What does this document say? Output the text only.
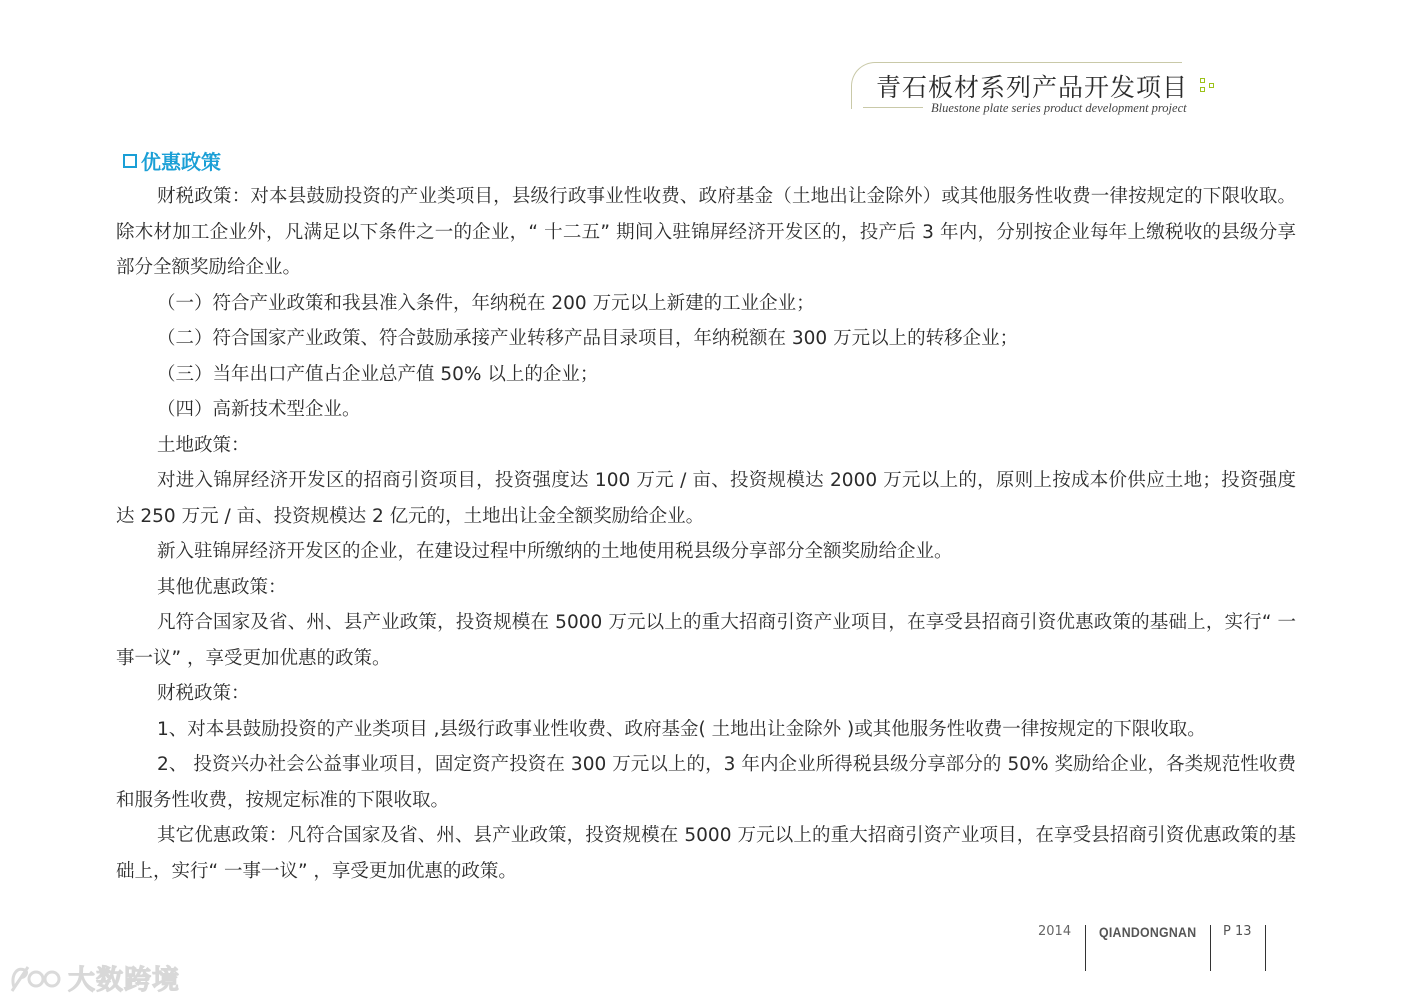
青石板材系列产品开发项目
Bluestone plate series product development project
优惠政策

财税政策：对本县鼓励投资的产业类项目，县级行政事业性收费、政府基金（土地出让金除外）或其他服务性收费一律按规定的下限收取。除木材加工企业外，凡满足以下条件之一的企业，“ 十二五” 期间入驻锦屏经济开发区的，投产后 3 年内，分别按企业每年上缴税收的县级分享部分全额奖励给企业。

（一）符合产业政策和我县准入条件，年纳税在 200 万元以上新建的工业企业；

（二）符合国家产业政策、符合鼓励承接产业转移产品目录项目，年纳税额在 300 万元以上的转移企业；

（三）当年出口产值占企业总产值 50% 以上的企业；

（四）高新技术型企业。

土地政策：

对进入锦屏经济开发区的招商引资项目，投资强度达 100 万元 / 亩、投资规模达 2000 万元以上的，原则上按成本价供应土地；投资强度达 250 万元 / 亩、投资规模达 2 亿元的，土地出让金全额奖励给企业。

新入驻锦屏经济开发区的企业，在建设过程中所缴纳的土地使用税县级分享部分全额奖励给企业。

其他优惠政策：

凡符合国家及省、州、县产业政策，投资规模在 5000 万元以上的重大招商引资产业项目，在享受县招商引资优惠政策的基础上，实行“ 一事一议” ，享受更加优惠的政策。

财税政策：

1、对本县鼓励投资的产业类项目 ,县级行政事业性收费、政府基金( 土地出让金除外 )或其他服务性收费一律按规定的下限收取。

2、 投资兴办社会公益事业项目，固定资产投资在 300 万元以上的，3 年内企业所得税县级分享部分的 50% 奖励给企业，各类规范性收费和服务性收费，按规定标准的下限收取。

其它优惠政策：凡符合国家及省、州、县产业政策，投资规模在 5000 万元以上的重大招商引资产业项目，在享受县招商引资优惠政策的基础上，实行“ 一事一议” ，享受更加优惠的政策。

2014 QIANDONGNAN P 13
大数跨境
